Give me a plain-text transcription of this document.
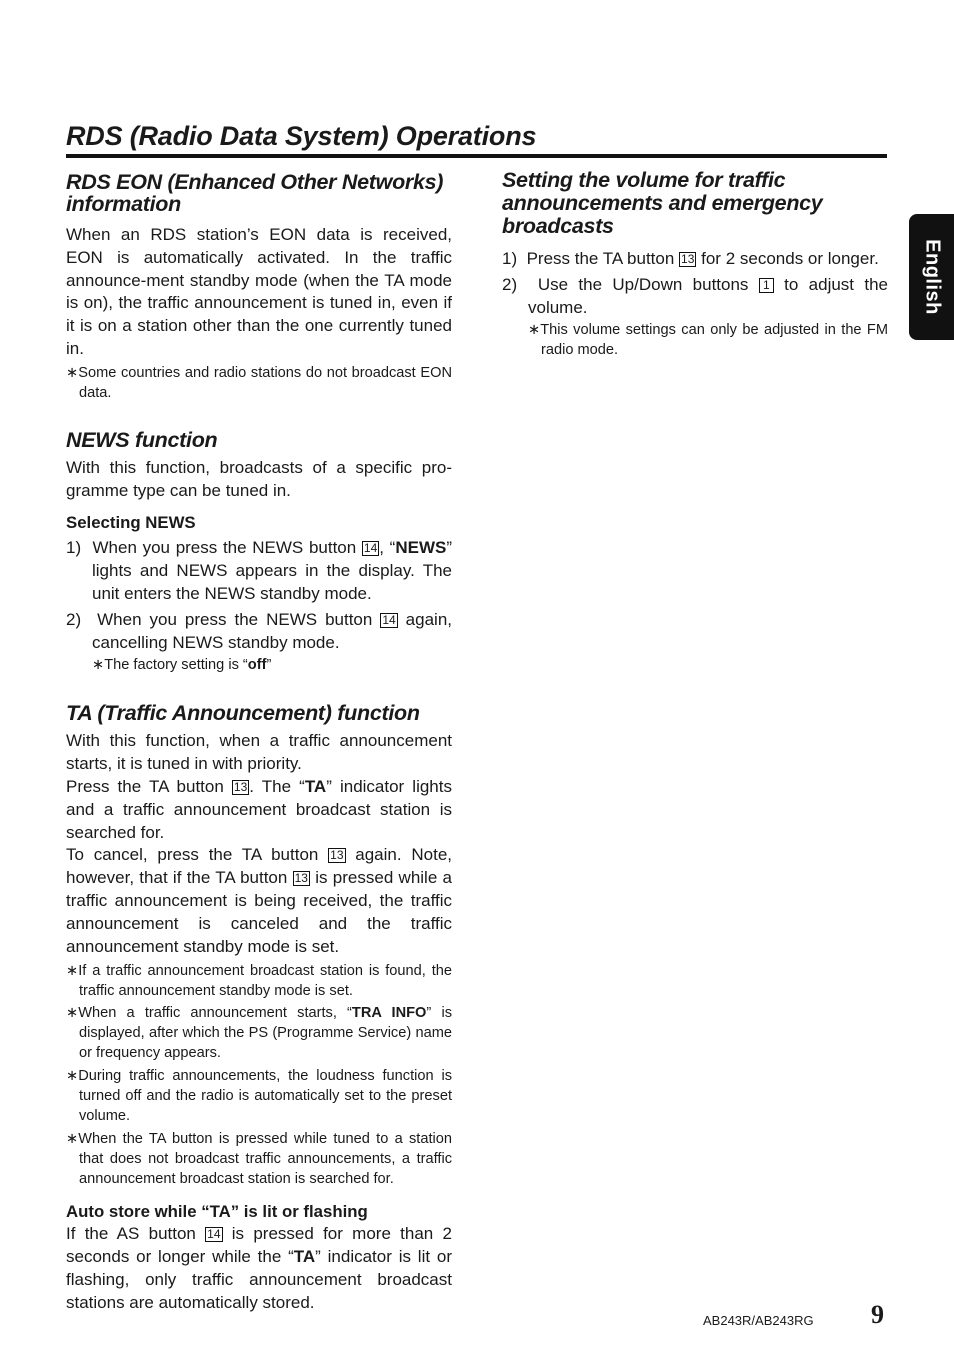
RDS (Radio Data System) Operations
English
RDS EON (Enhanced Other Networks) information

When an RDS station’s EON data is received, EON is automatically activated. In the traffic announce-ment standby mode (when the TA mode is on), the traffic announcement is tuned in, even if it is on a station other than the one currently tuned in.

∗Some countries and radio stations do not broadcast EON data.

NEWS function

With this function, broadcasts of a specific pro-gramme type can be tuned in.

Selecting NEWS
1) When you press the NEWS button 14 , “NEWS” lights and NEWS appears in the display. The unit enters the NEWS standby mode.
2) When you press the NEWS button 14 again, cancelling NEWS standby mode.

∗The factory setting is “off”

TA (Traffic Announcement) function

With this function, when a traffic announcement starts, it is tuned in with priority.

Press the TA button 13 . The “TA” indicator lights and a traffic announcement broadcast station is searched for.

To cancel, press the TA button 13 again. Note, however, that if the TA button 13 is pressed while a traffic announcement is being received, the traffic announcement is canceled and the traffic announcement standby mode is set.

∗If a traffic announcement broadcast station is found, the traffic announcement standby mode is set.

∗When a traffic announcement starts, “TRA INFO” is displayed, after which the PS (Programme Service) name or frequency appears.

∗During traffic announcements, the loudness function is turned off and the radio is automatically set to the preset volume.

∗When the TA button is pressed while tuned to a station that does not broadcast traffic announcements, a traffic announcement broadcast station is searched for.

Auto store while “TA” is lit or flashing

If the AS button 14 is pressed for more than 2 seconds or longer while the “TA” indicator is lit or flashing, only traffic announcement broadcast stations are automatically stored.

Setting the volume for traffic announcements and emergency broadcasts
1) Press the TA button 13 for 2 seconds or longer.
2) Use the Up/Down buttons 1 to adjust the volume.

∗This volume settings can only be adjusted in the FM radio mode.

AB243R/AB243RG 9
